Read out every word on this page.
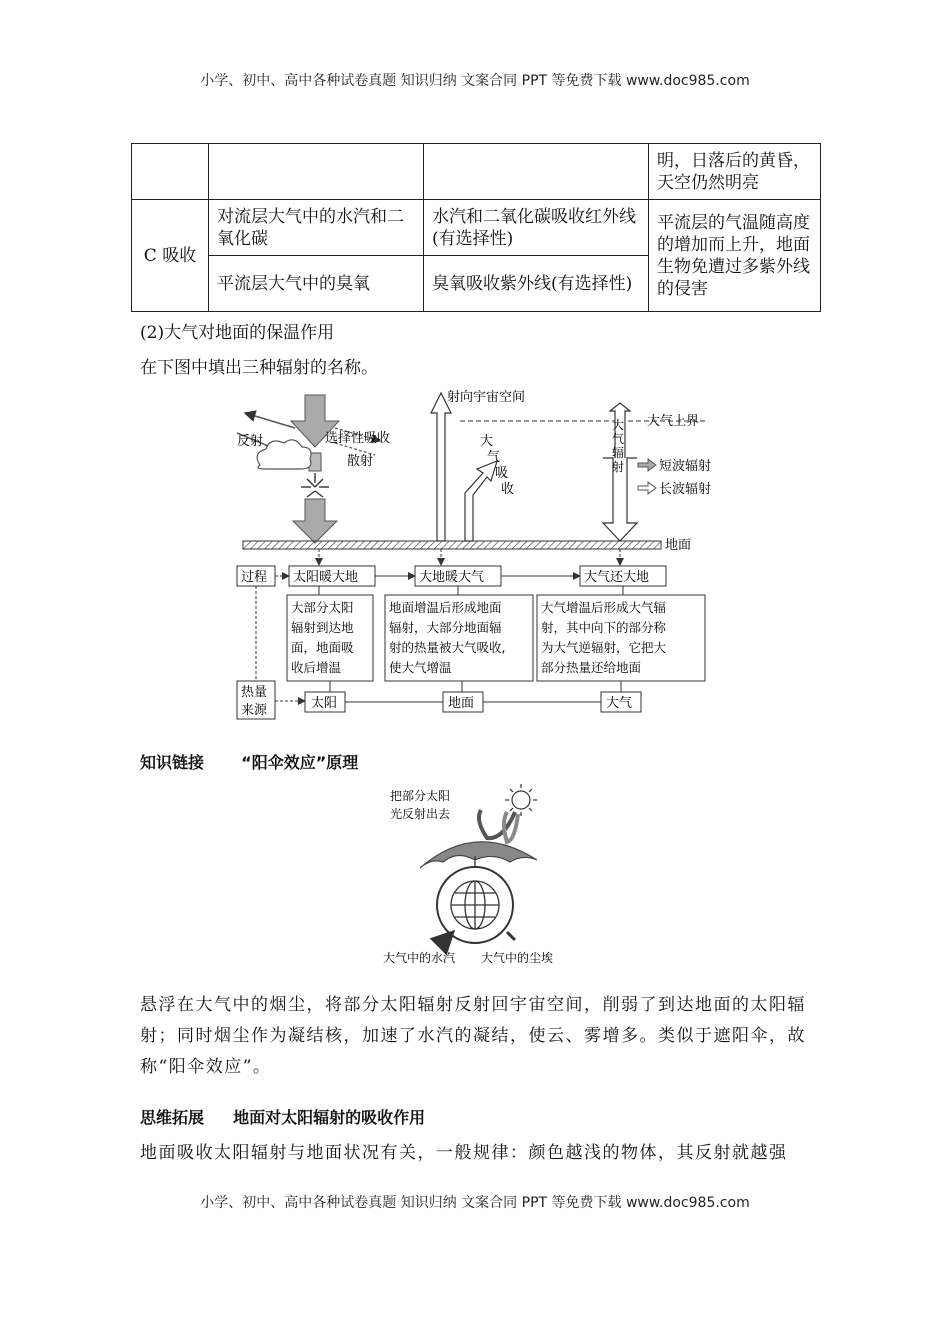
小学、初中、高中各种试卷真题 知识归纳 文案合同 PPT 等免费下载 www.doc985.com
			明，日落后的黄昏，天空仍然明亮
C 吸收	对流层大气中的水汽和二氧化碳	水汽和二氧化碳吸收红外线(有选择性)	平流层的气温随高度的增加而上升，地面生物免遭过多紫外线的侵害
	平流层大气中的臭氧	臭氧吸收紫外线(有选择性)	
(2)大气对地面的保温作用
在下图中填出三种辐射的名称。
大气上界
反射	选择性吸收
散射
射向宇宙空间
大
气
吸
收
大
气
辐
射	短波辐射
长波辐射
地面
过程 太阳暖大地	大地暖大气	大气还大地
大部分太阳
辐射到达地
面，地面吸
收后增温
地面增温后形成地面
辐射，大部分地面辐
射的热量被大气吸收,
使大气增温
大气增温后形成大气辐
射，其中向下的部分称
为大气逆辐射，它把大
部分热量还给地面
热量
来源	太阳	地面	大气
知识链接 “阳伞效应”原理
把部分太阳
光反射出去
大气中的水汽 大气中的尘埃
悬浮在大气中的烟尘，将部分太阳辐射反射回宇宙空间，削弱了到达地面的太阳辐射；同时烟尘作为凝结核，加速了水汽的凝结，使云、雾增多。类似于遮阳伞，故称“阳伞效应”。
思维拓展 地面对太阳辐射的吸收作用
地面吸收太阳辐射与地面状况有关，一般规律：颜色越浅的物体，其反射就越强
小学、初中、高中各种试卷真题 知识归纳 文案合同 PPT 等免费下载 www.doc985.com
